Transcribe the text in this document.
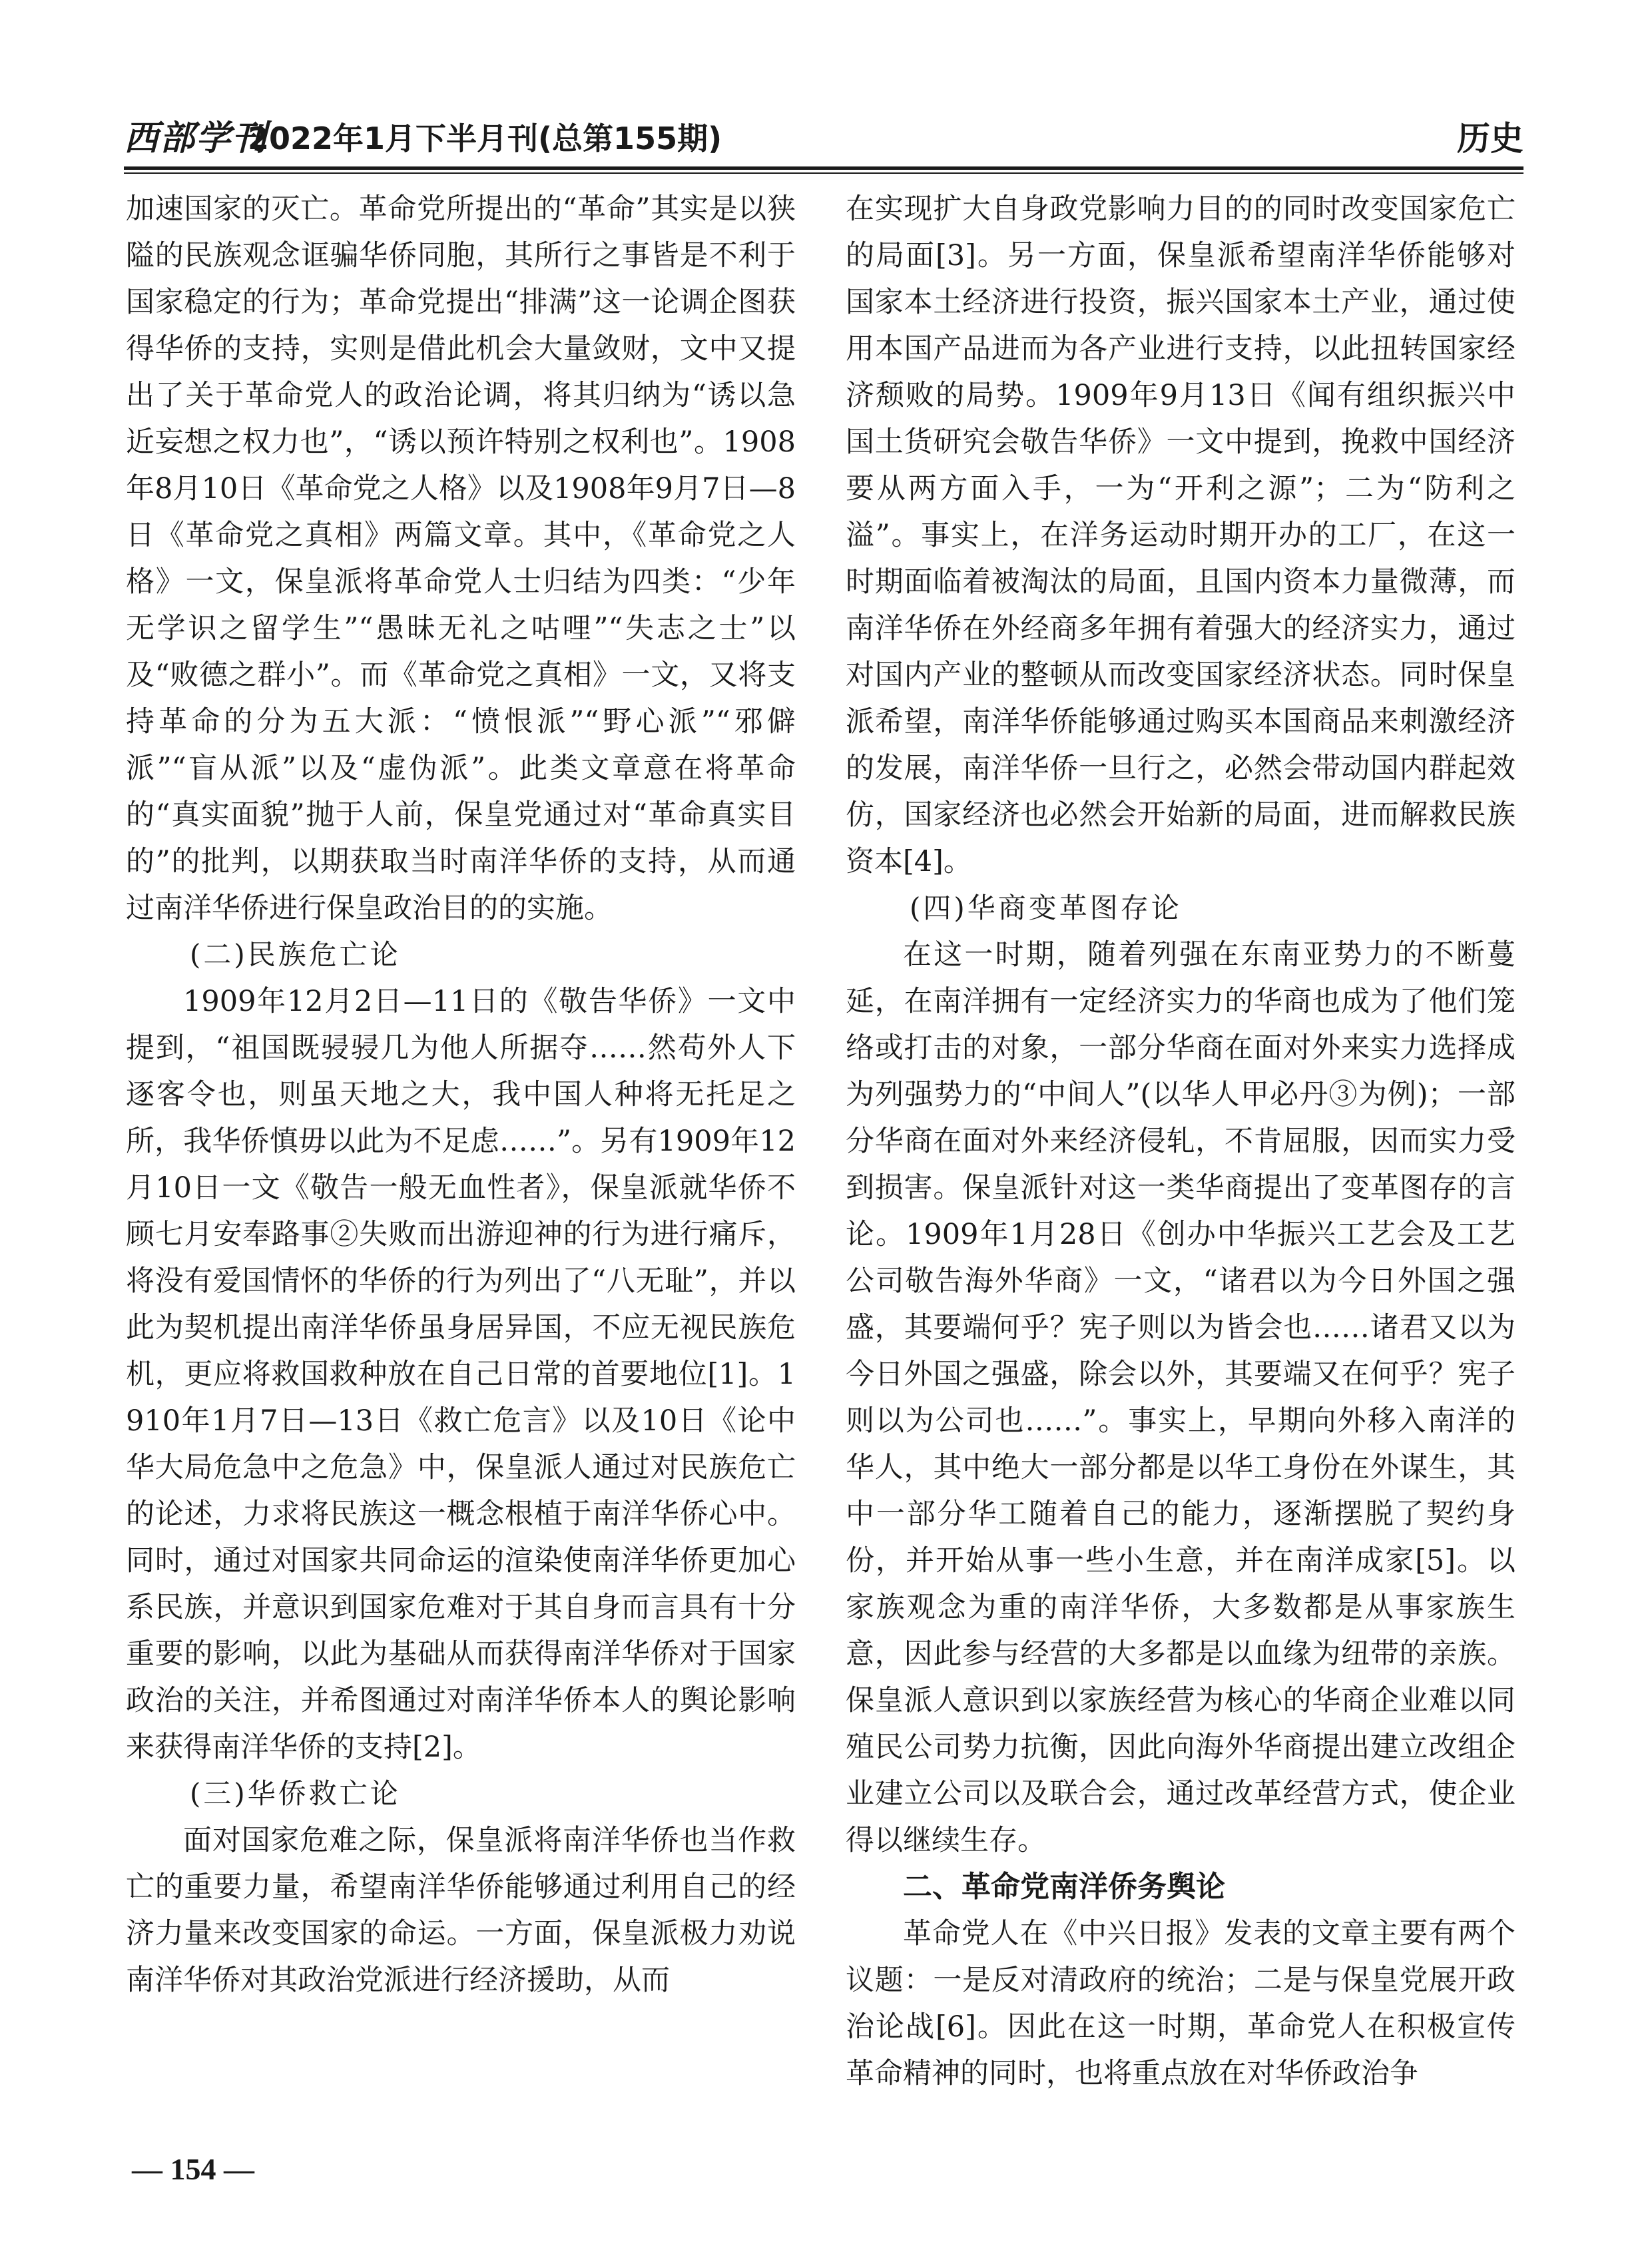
西部学刊
2022年1月下半月刊(总第155期)	历史

加速国家的灭亡。革命党所提出的“革命”其实是以狭隘的民族观念诓骗华侨同胞，其所行之事皆是不利于国家稳定的行为；革命党提出“排满”这一论调企图获得华侨的支持，实则是借此机会大量敛财，文中又提出了关于革命党人的政治论调，将其归纳为“诱以急近妄想之权力也”，“诱以预许特别之权利也”。1908年8月10日《革命党之人格》以及1908年9月7日—8日《革命党之真相》两篇文章。其中，《革命党之人格》一文，保皇派将革命党人士归结为四类：“少年无学识之留学生”“愚昧无礼之咕哩”“失志之士”以及“败德之群小”。而《革命党之真相》一文，又将支持革命的分为五大派：“愤恨派”“野心派”“邪僻派”“盲从派”以及“虚伪派”。此类文章意在将革命的“真实面貌”抛于人前，保皇党通过对“革命真实目的”的批判，以期获取当时南洋华侨的支持，从而通过南洋华侨进行保皇政治目的的实施。

(二)民族危亡论

1909年12月2日—11日的《敬告华侨》一文中提到，“祖国既骎骎几为他人所据夺……然苟外人下逐客令也，则虽天地之大，我中国人种将无托足之所，我华侨慎毋以此为不足虑……”。另有1909年12月10日一文《敬告一般无血性者》，保皇派就华侨不顾七月安奉路事②失败而出游迎神的行为进行痛斥，将没有爱国情怀的华侨的行为列出了“八无耻”，并以此为契机提出南洋华侨虽身居异国，不应无视民族危机，更应将救国救种放在自己日常的首要地位[1]。1910年1月7日—13日《救亡危言》以及10日《论中华大局危急中之危急》中，保皇派人通过对民族危亡的论述，力求将民族这一概念根植于南洋华侨心中。同时，通过对国家共同命运的渲染使南洋华侨更加心系民族，并意识到国家危难对于其自身而言具有十分重要的影响，以此为基础从而获得南洋华侨对于国家政治的关注，并希图通过对南洋华侨本人的舆论影响来获得南洋华侨的支持[2]。

(三)华侨救亡论

面对国家危难之际，保皇派将南洋华侨也当作救亡的重要力量，希望南洋华侨能够通过利用自己的经济力量来改变国家的命运。一方面，保皇派极力劝说南洋华侨对其政治党派进行经济援助，从而

在实现扩大自身政党影响力目的的同时改变国家危亡的局面[3]。另一方面，保皇派希望南洋华侨能够对国家本土经济进行投资，振兴国家本土产业，通过使用本国产品进而为各产业进行支持，以此扭转国家经济颓败的局势。1909年9月13日《闻有组织振兴中国土货研究会敬告华侨》一文中提到，挽救中国经济要从两方面入手，一为“开利之源”；二为“防利之溢”。事实上，在洋务运动时期开办的工厂，在这一时期面临着被淘汰的局面，且国内资本力量微薄，而南洋华侨在外经商多年拥有着强大的经济实力，通过对国内产业的整顿从而改变国家经济状态。同时保皇派希望，南洋华侨能够通过购买本国商品来刺激经济的发展，南洋华侨一旦行之，必然会带动国内群起效仿，国家经济也必然会开始新的局面，进而解救民族资本[4]。

(四)华商变革图存论

在这一时期，随着列强在东南亚势力的不断蔓延，在南洋拥有一定经济实力的华商也成为了他们笼络或打击的对象，一部分华商在面对外来实力选择成为列强势力的“中间人”(以华人甲必丹③为例)；一部分华商在面对外来经济侵轧，不肯屈服，因而实力受到损害。保皇派针对这一类华商提出了变革图存的言论。1909年1月28日《创办中华振兴工艺会及工艺公司敬告海外华商》一文，“诸君以为今日外国之强盛，其要端何乎？宪子则以为皆会也……诸君又以为今日外国之强盛，除会以外，其要端又在何乎？宪子则以为公司也……”。事实上，早期向外移入南洋的华人，其中绝大一部分都是以华工身份在外谋生，其中一部分华工随着自己的能力，逐渐摆脱了契约身份，并开始从事一些小生意，并在南洋成家[5]。以家族观念为重的南洋华侨，大多数都是从事家族生意，因此参与经营的大多都是以血缘为纽带的亲族。保皇派人意识到以家族经营为核心的华商企业难以同殖民公司势力抗衡，因此向海外华商提出建立改组企业建立公司以及联合会，通过改革经营方式，使企业得以继续生存。

二、革命党南洋侨务舆论

革命党人在《中兴日报》发表的文章主要有两个议题：一是反对清政府的统治；二是与保皇党展开政治论战[6]。因此在这一时期，革命党人在积极宣传革命精神的同时，也将重点放在对华侨政治争

— 154 —
